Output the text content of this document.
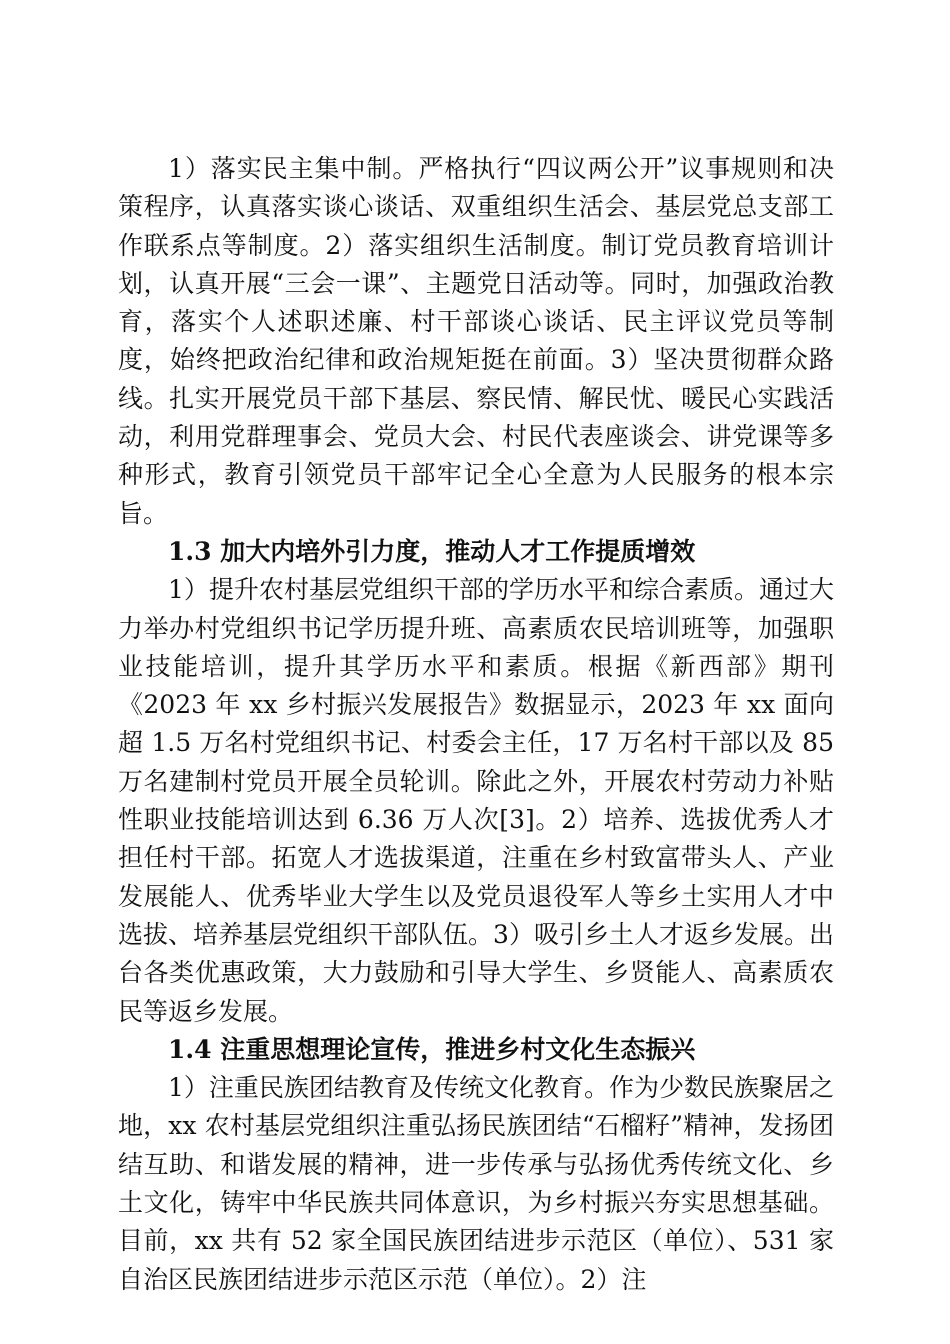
1）落实民主集中制。严格执行“四议两公开”议事规则和决策程序，认真落实谈心谈话、双重组织生活会、基层党总支部工作联系点等制度。2）落实组织生活制度。制订党员教育培训计划，认真开展“三会一课”、主题党日活动等。同时，加强政治教育，落实个人述职述廉、村干部谈心谈话、民主评议党员等制度，始终把政治纪律和政治规矩挺在前面。3）坚决贯彻群众路线。扎实开展党员干部下基层、察民情、解民忧、暖民心实践活动，利用党群理事会、党员大会、村民代表座谈会、讲党课等多种形式，教育引领党员干部牢记全心全意为人民服务的根本宗旨。

1.3 加大内培外引力度，推动人才工作提质增效

1）提升农村基层党组织干部的学历水平和综合素质。通过大力举办村党组织书记学历提升班、高素质农民培训班等，加强职业技能培训，提升其学历水平和素质。根据《新西部》期刊《2023 年 xx 乡村振兴发展报告》数据显示，2023 年 xx 面向超 1.5 万名村党组织书记、村委会主任，17 万名村干部以及 85 万名建制村党员开展全员轮训。除此之外，开展农村劳动力补贴性职业技能培训达到 6.36 万人次[3]。2）培养、选拔优秀人才担任村干部。拓宽人才选拔渠道，注重在乡村致富带头人、产业发展能人、优秀毕业大学生以及党员退役军人等乡土实用人才中选拔、培养基层党组织干部队伍。3）吸引乡土人才返乡发展。出台各类优惠政策，大力鼓励和引导大学生、乡贤能人、高素质农民等返乡发展。

1.4 注重思想理论宣传，推进乡村文化生态振兴

1）注重民族团结教育及传统文化教育。作为少数民族聚居之地，xx 农村基层党组织注重弘扬民族团结“石榴籽”精神，发扬团结互助、和谐发展的精神，进一步传承与弘扬优秀传统文化、乡土文化，铸牢中华民族共同体意识，为乡村振兴夯实思想基础。目前，xx 共有 52 家全国民族团结进步示范区（单位）、531 家自治区民族团结进步示范区示范（单位）。2）注
